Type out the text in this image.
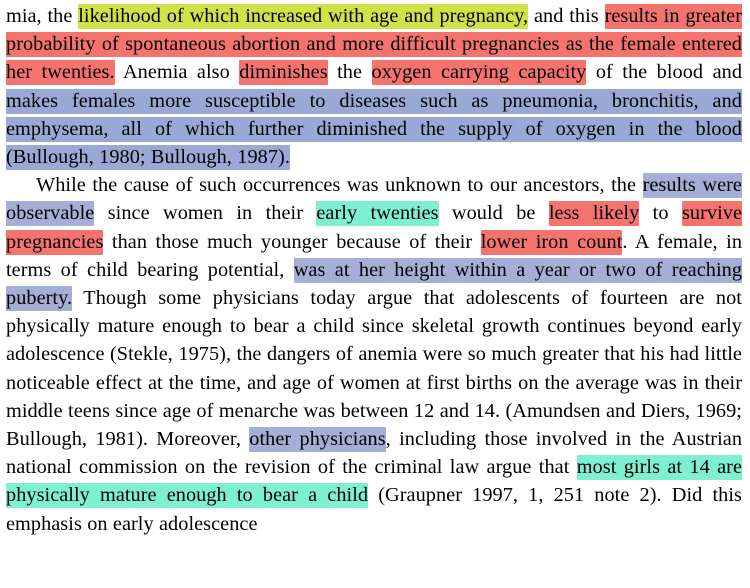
mia, the likelihood of which increased with age and pregnancy, and this results in greater probability of spontaneous abortion and more difficult pregnancies as the female entered her twenties. Anemia also diminishes the oxygen carrying capacity of the blood and makes females more susceptible to diseases such as pneumonia, bronchitis, and emphysema, all of which further diminished the supply of oxygen in the blood (Bullough, 1980; Bullough, 1987).

While the cause of such occurrences was unknown to our ancestors, the results were observable since women in their early twenties would be less likely to survive pregnancies than those much younger because of their lower iron count. A female, in terms of child bearing potential, was at her height within a year or two of reaching puberty. Though some physicians today argue that adolescents of fourteen are not physically mature enough to bear a child since skeletal growth continues beyond early adolescence (Stekle, 1975), the dangers of anemia were so much greater that his had little noticeable effect at the time, and age of women at first births on the average was in their middle teens since age of menarche was between 12 and 14. (Amundsen and Diers, 1969; Bullough, 1981). Moreover, other physicians, including those involved in the Austrian national commission on the revision of the criminal law argue that most girls at 14 are physically mature enough to bear a child (Graupner 1997, 1, 251 note 2). Did this emphasis on early adolescence
